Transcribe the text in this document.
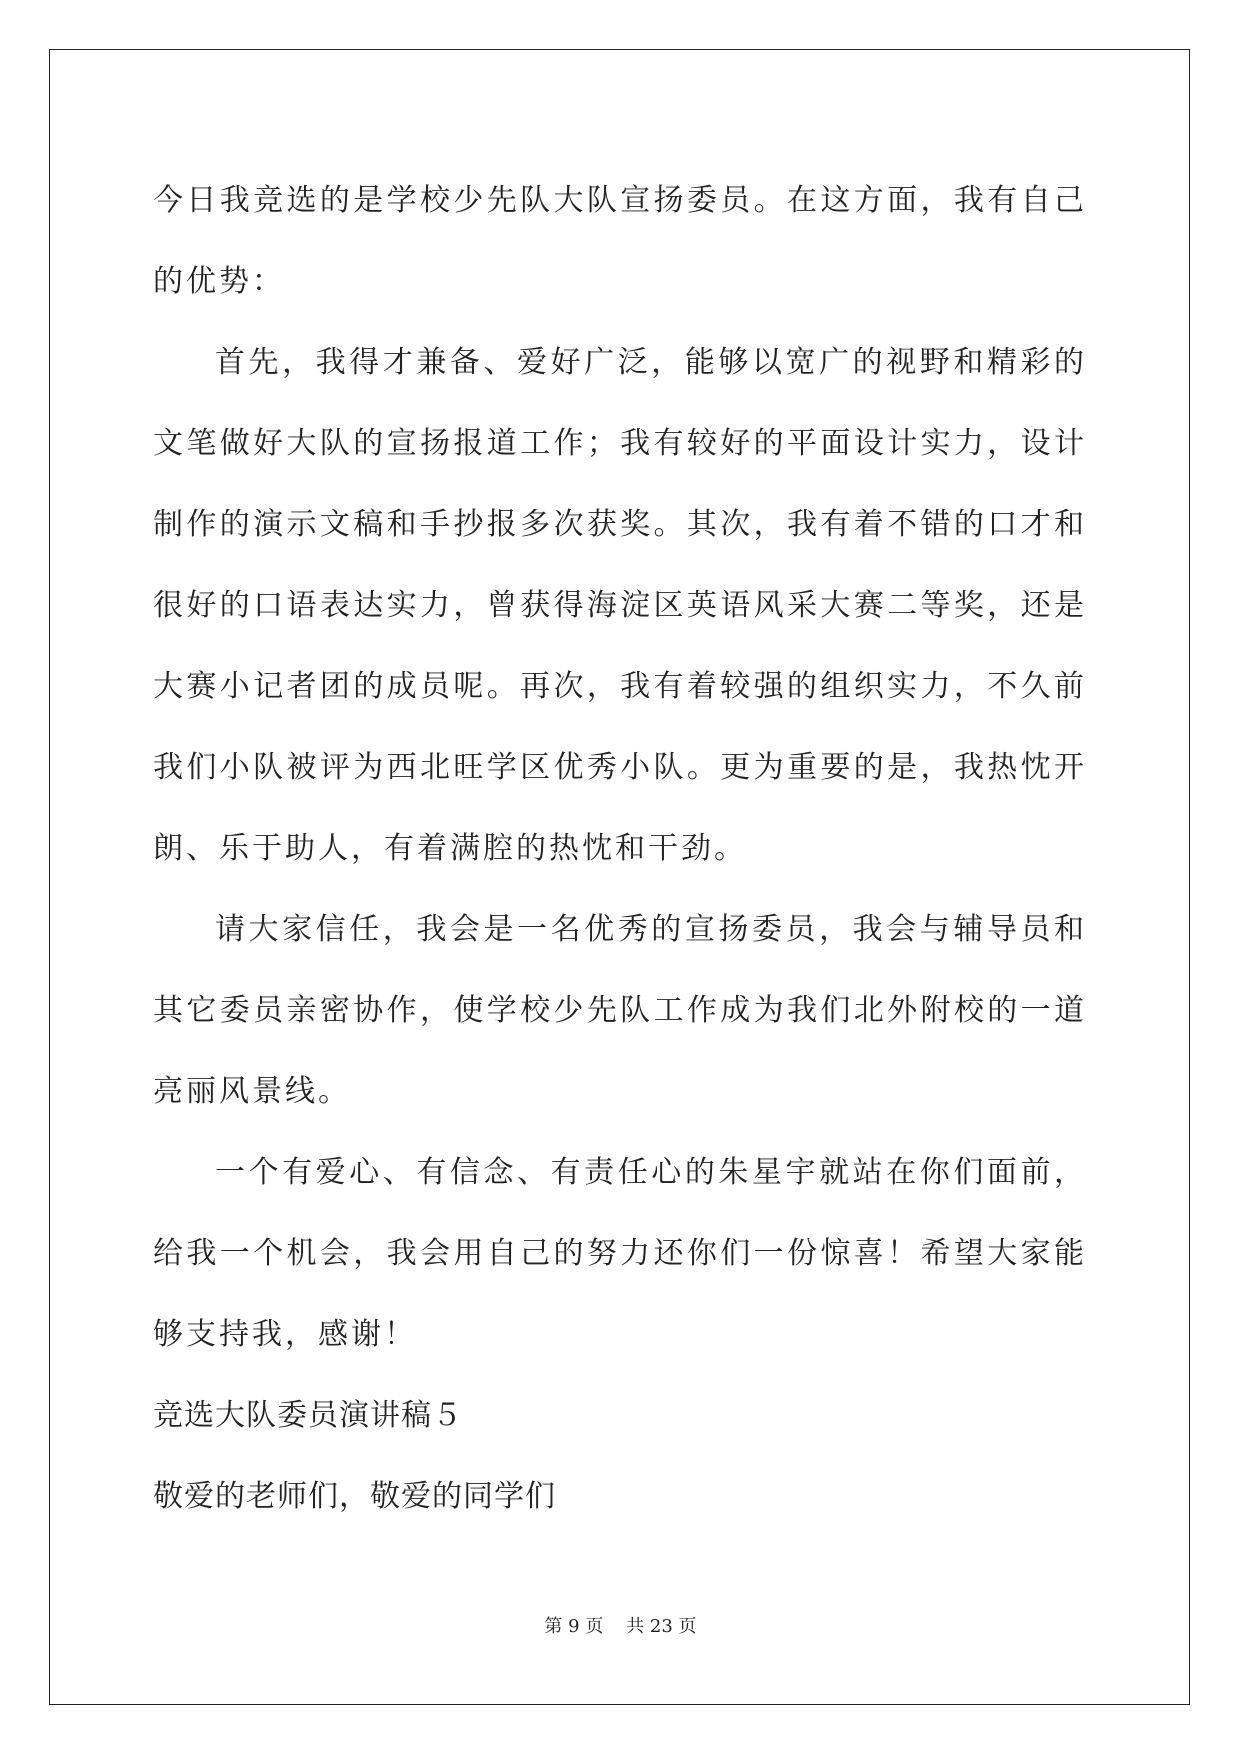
今日我竞选的是学校少先队大队宣扬委员。在这方面，我有自己的优势：

首先，我得才兼备、爱好广泛，能够以宽广的视野和精彩的文笔做好大队的宣扬报道工作；我有较好的平面设计实力，设计制作的演示文稿和手抄报多次获奖。其次，我有着不错的口才和很好的口语表达实力，曾获得海淀区英语风采大赛二等奖，还是大赛小记者团的成员呢。再次，我有着较强的组织实力，不久前我们小队被评为西北旺学区优秀小队。更为重要的是，我热忱开朗、乐于助人，有着满腔的热忱和干劲。

请大家信任，我会是一名优秀的宣扬委员，我会与辅导员和其它委员亲密协作，使学校少先队工作成为我们北外附校的一道亮丽风景线。

一个有爱心、有信念、有责任心的朱星宇就站在你们面前，给我一个机会，我会用自己的努力还你们一份惊喜！希望大家能够支持我，感谢！

竞选大队委员演讲稿５

敬爱的老师们，敬爱的同学们

第 9 页    共 23 页
